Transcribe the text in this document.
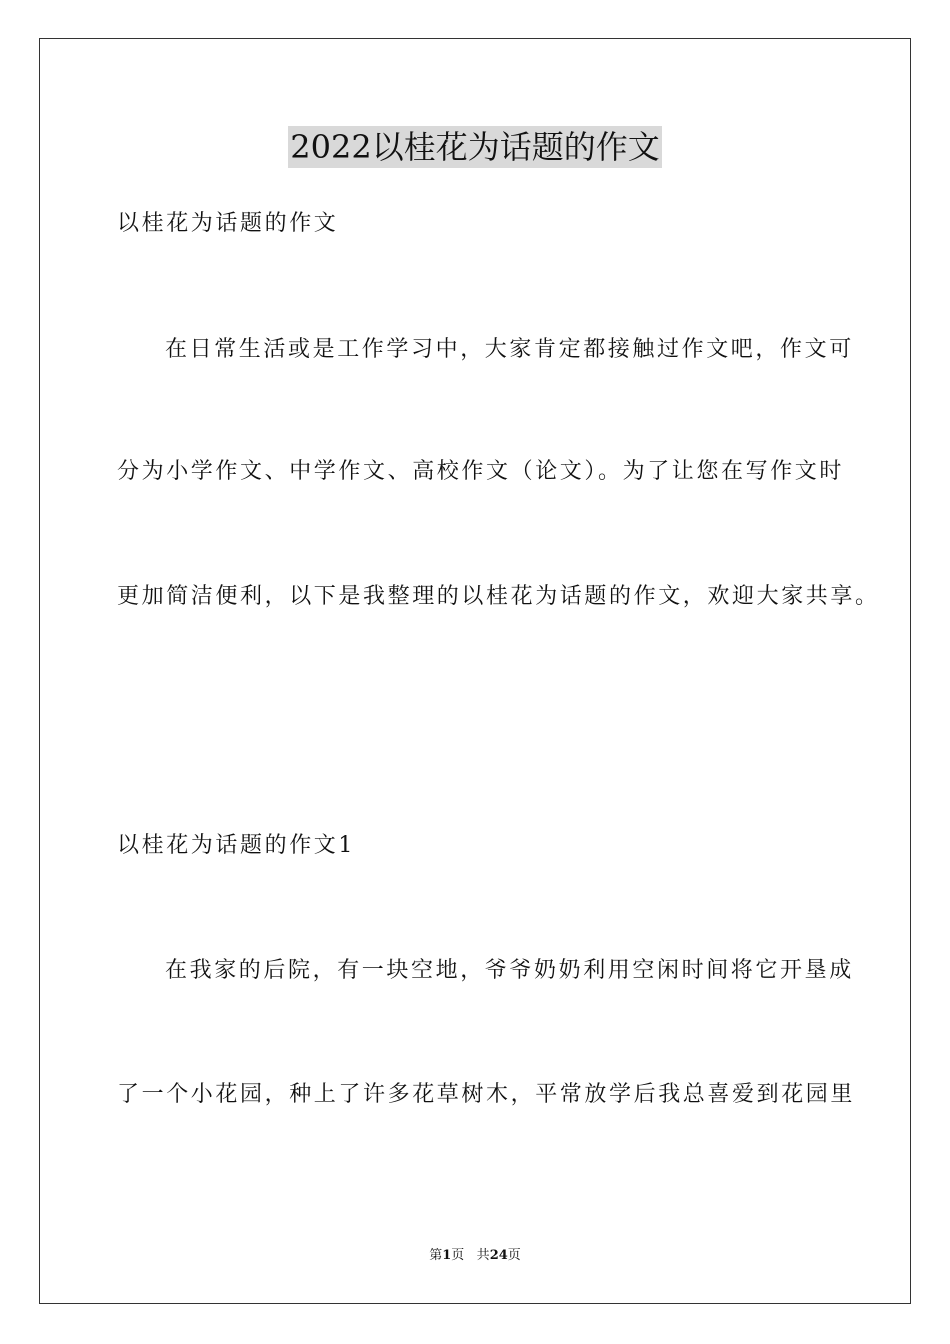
2022以桂花为话题的作文
以桂花为话题的作文
在日常生活或是工作学习中，大家肯定都接触过作文吧，作文可
分为小学作文、中学作文、高校作文（论文）。为了让您在写作文时
更加简洁便利，以下是我整理的以桂花为话题的作文，欢迎大家共享。
以桂花为话题的作文1
在我家的后院，有一块空地，爷爷奶奶利用空闲时间将它开垦成
了一个小花园，种上了许多花草树木，平常放学后我总喜爱到花园里
第1页 共24页
